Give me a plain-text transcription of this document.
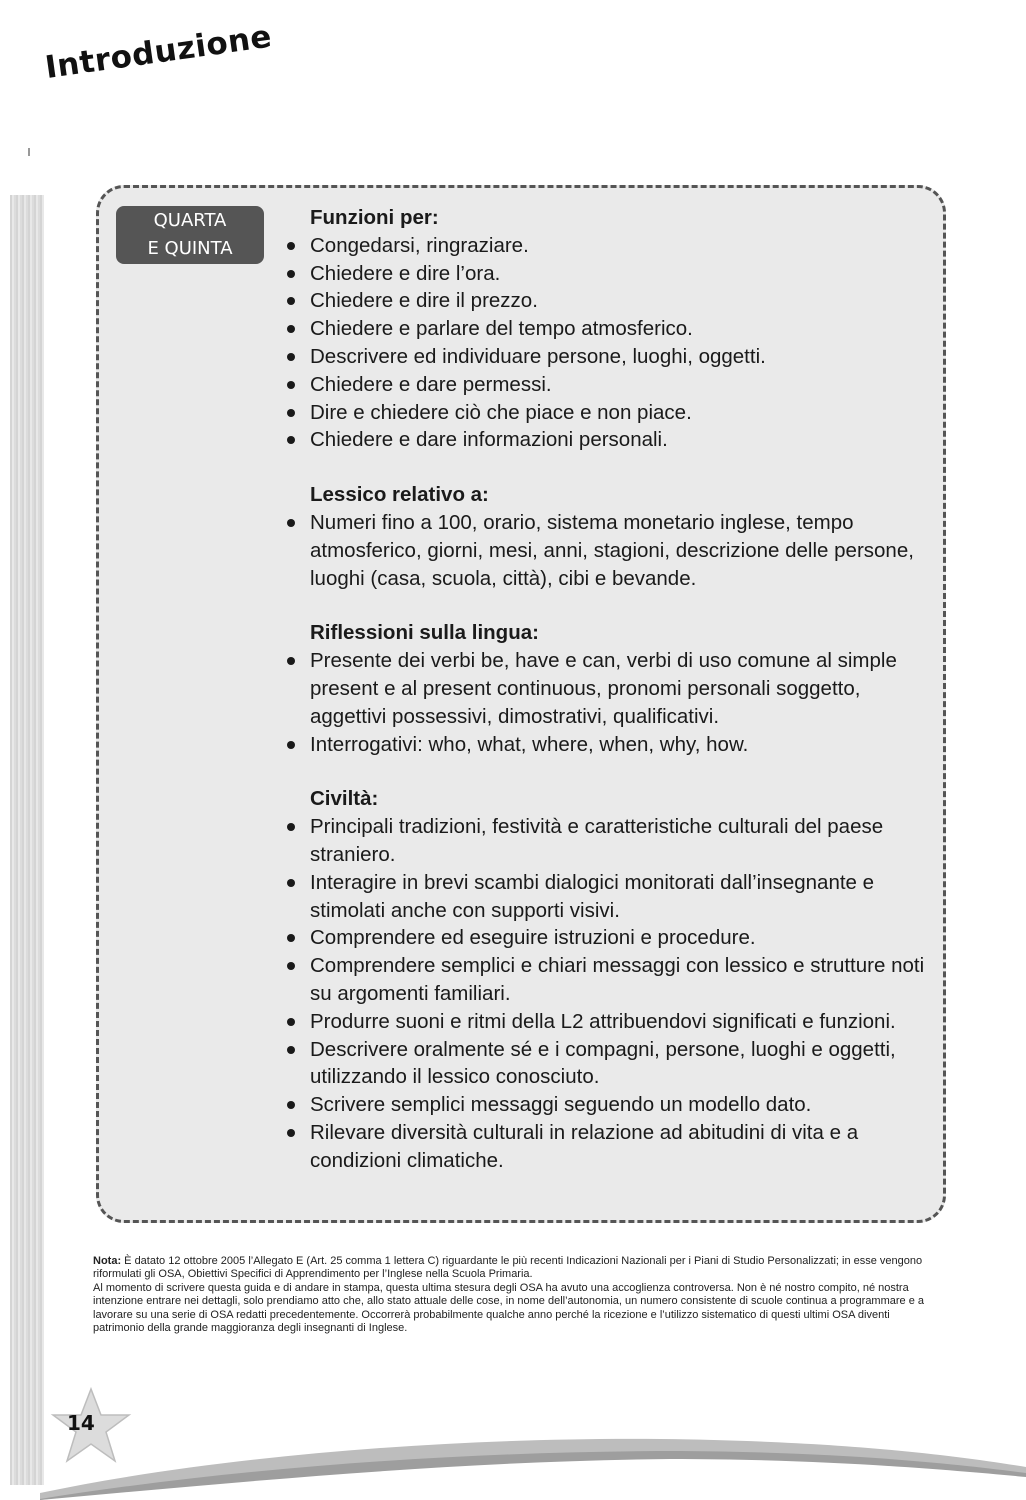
Introduzione
QUARTA
E QUINTA
Funzioni per:
Congedarsi, ringraziare.
Chiedere e dire l’ora.
Chiedere e dire il prezzo.
Chiedere e parlare del tempo atmosferico.
Descrivere ed individuare persone, luoghi, oggetti.
Chiedere e dare permessi.
Dire e chiedere ciò che piace e non piace.
Chiedere e dare informazioni personali.
Lessico relativo a:
Numeri fino a 100, orario, sistema monetario inglese, tempo atmosferico, giorni, mesi, anni, stagioni, descrizione delle persone, luoghi (casa, scuola, città), cibi e bevande.
Riflessioni sulla lingua:
Presente dei verbi be, have e can, verbi di uso comune al simple present e al present continuous, pronomi personali soggetto, aggettivi possessivi, dimostrativi, qualificativi.
Interrogativi: who, what, where, when, why, how.
Civiltà:
Principali tradizioni, festività e caratteristiche culturali del paese straniero.
Interagire in brevi scambi dialogici monitorati dall’insegnante e stimolati anche con supporti visivi.
Comprendere ed eseguire istruzioni e procedure.
Comprendere semplici e chiari messaggi con lessico e strutture noti su argomenti familiari.
Produrre suoni e ritmi della L2 attribuendovi significati e funzioni.
Descrivere oralmente sé e i compagni, persone, luoghi e oggetti, utilizzando il lessico conosciuto.
Scrivere semplici messaggi seguendo un modello dato.
Rilevare diversità culturali in relazione ad abitudini di vita e a condizioni climatiche.

Nota: È datato 12 ottobre 2005 l’Allegato E (Art. 25 comma 1 lettera C) riguardante le più recenti Indicazioni Nazionali per i Piani di Studio Personalizzati; in esse vengono riformulati gli OSA, Obiettivi Specifici di Apprendimento per l’Inglese nella Scuola Primaria.

Al momento di scrivere questa guida e di andare in stampa, questa ultima stesura degli OSA ha avuto una accoglienza controversa. Non è né nostro compito, né nostra intenzione entrare nei dettagli, solo prendiamo atto che, allo stato attuale delle cose, in nome dell’autonomia, un numero consistente di scuole continua a programmare e a lavorare su una serie di OSA redatti precedentemente. Occorrerà probabilmente qualche anno perché la ricezione e l’utilizzo sistematico di questi ultimi OSA diventi patrimonio della grande maggioranza degli insegnanti di Inglese.

14
